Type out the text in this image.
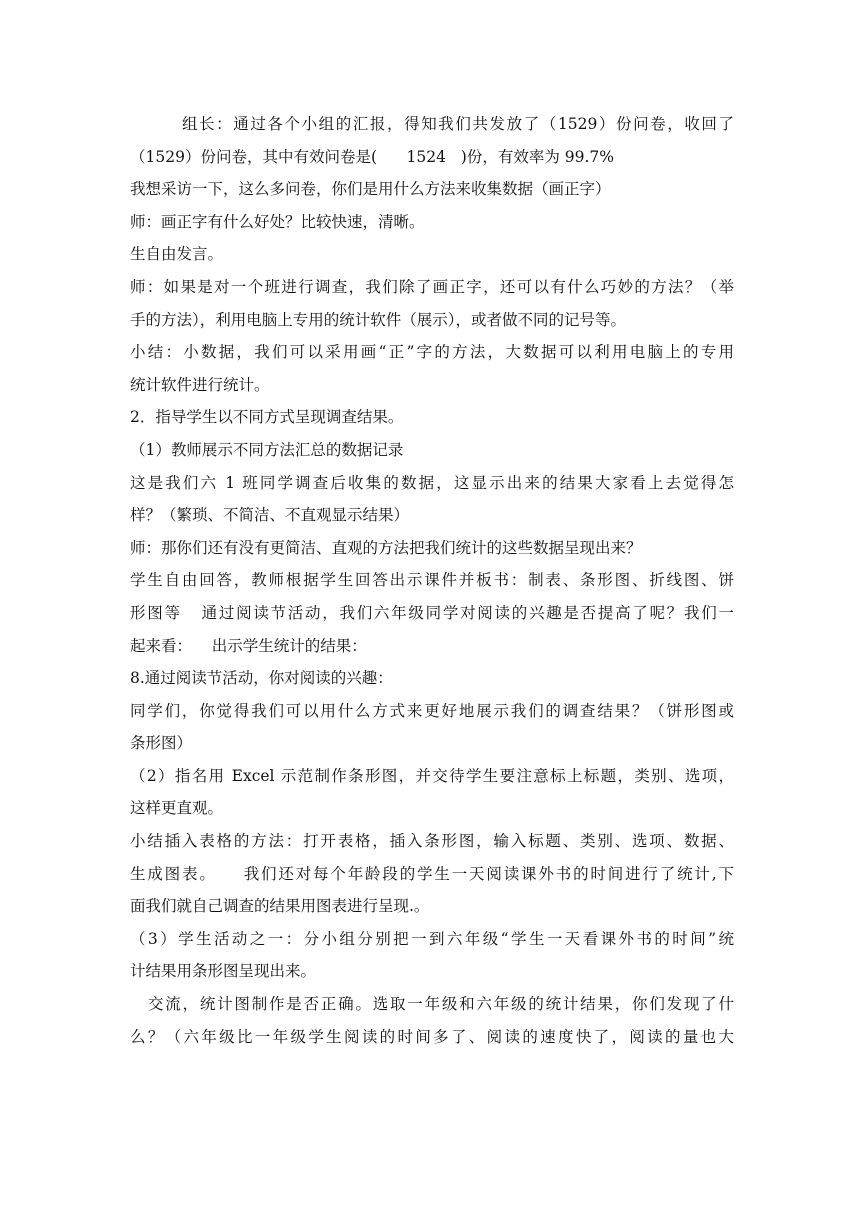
组长：通过各个小组的汇报，得知我们共发放了（1529）份问卷，收回了
（1529）份问卷，其中有效问卷是(      1524   )份，有效率为 99.7%
我想采访一下，这么多问卷，你们是用什么方法来收集数据（画正字）
师：画正字有什么好处？比较快速，清晰。
生自由发言。
师：如果是对一个班进行调查，我们除了画正字，还可以有什么巧妙的方法？（举
手的方法），利用电脑上专用的统计软件（展示），或者做不同的记号等。
小结：小数据，我们可以采用画“正”字的方法，大数据可以利用电脑上的专用
统计软件进行统计。
2．指导学生以不同方式呈现调查结果。
（1）教师展示不同方法汇总的数据记录
这是我们六 1 班同学调查后收集的数据，这显示出来的结果大家看上去觉得怎
样？（繁琐、不简洁、不直观显示结果）
师：那你们还有没有更简洁、直观的方法把我们统计的这些数据呈现出来？
学生自由回答，教师根据学生回答出示课件并板书：制表、条形图、折线图、饼
形图等   通过阅读节活动，我们六年级同学对阅读的兴趣是否提高了呢？我们一
起来看：    出示学生统计的结果：
8.通过阅读节活动，你对阅读的兴趣：
同学们，你觉得我们可以用什么方式来更好地展示我们的调查结果？（饼形图或
条形图）
（2）指名用 Excel 示范制作条形图，并交待学生要注意标上标题，类别、选项，
这样更直观。
小结插入表格的方法：打开表格，插入条形图，输入标题、类别、选项、数据、
生成图表。    我们还对每个年龄段的学生一天阅读课外书的时间进行了统计,下
面我们就自己调查的结果用图表进行呈现.。
（3）学生活动之一：分小组分别把一到六年级“学生一天看课外书的时间”统
计结果用条形图呈现出来。
交流，统计图制作是否正确。选取一年级和六年级的统计结果，你们发现了什
么？（六年级比一年级学生阅读的时间多了、阅读的速度快了，阅读的量也大
